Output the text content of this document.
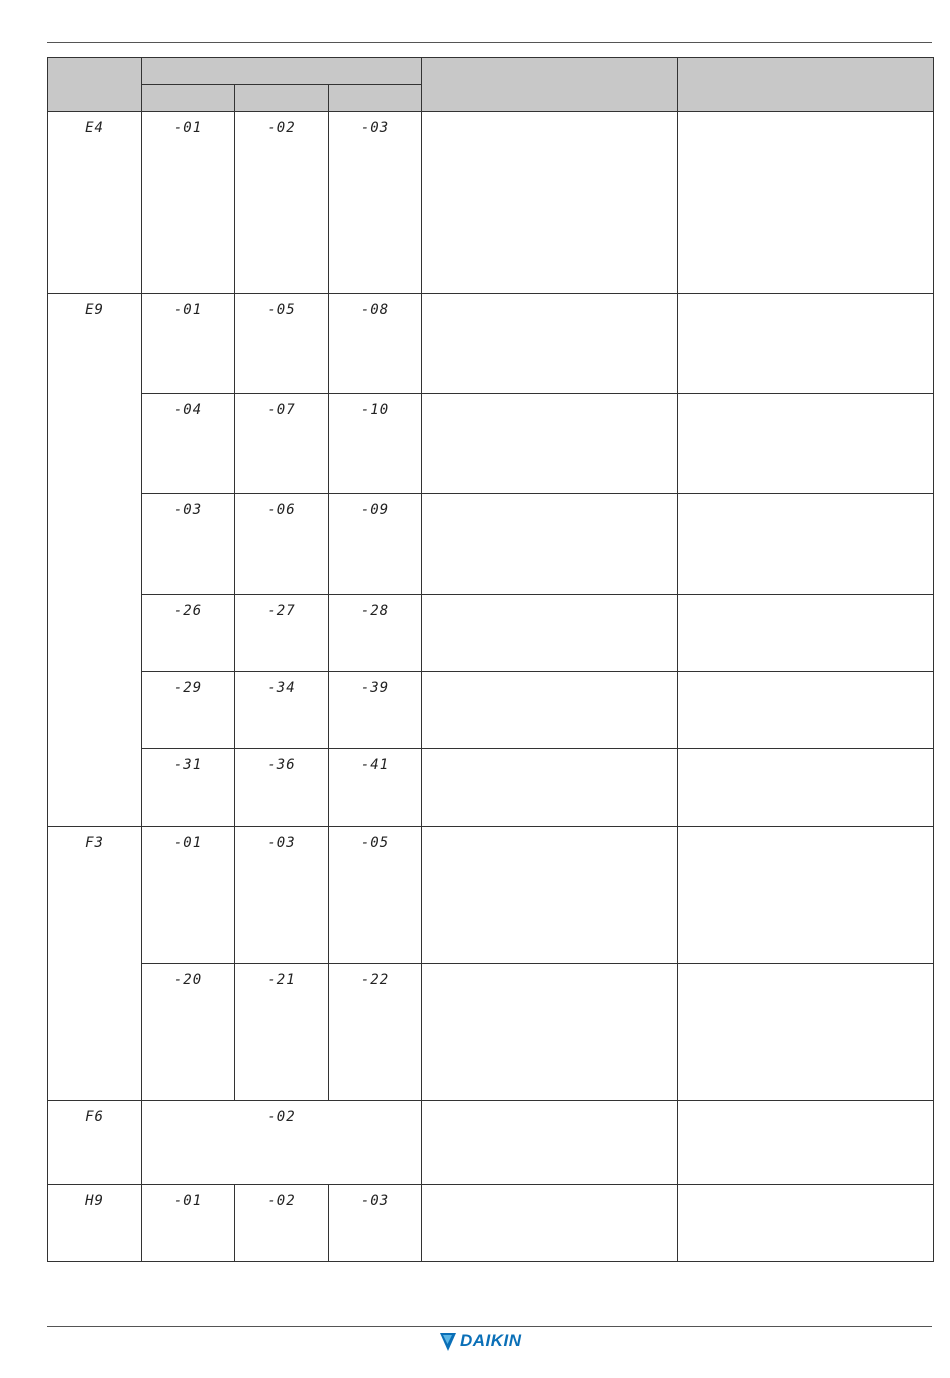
E4	-01	-02	-03		

E9	-01	-05	-08		

	-04	-07	-10		

	-03	-06	-09		

	-26	-27	-28		

	-29	-34	-39		

	-31	-36	-41		

F3	-01	-03	-05		

	-20	-21	-22		

F6	-02				

H9	-01	-02	-03		

DAIKIN
